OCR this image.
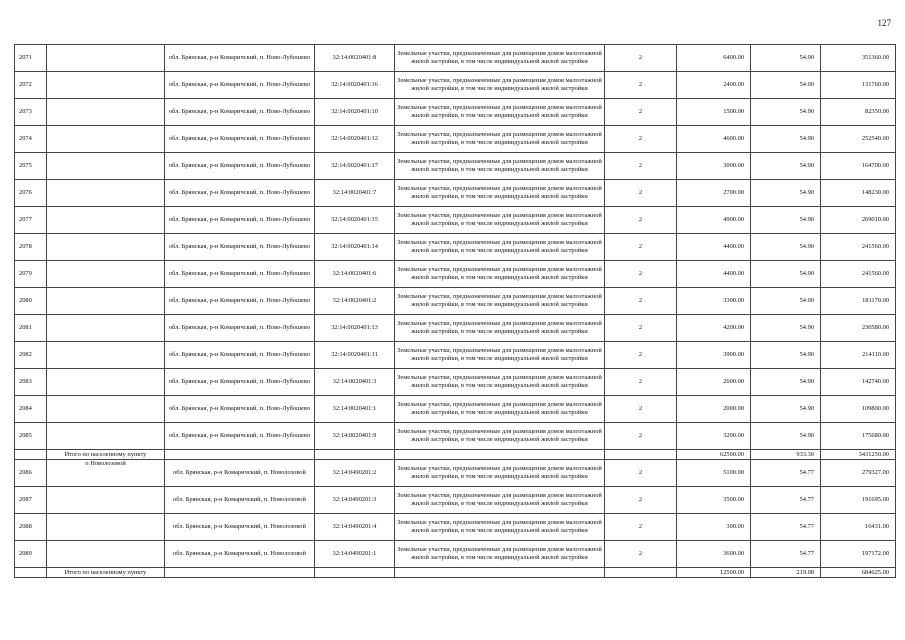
127
2071		обл. Брянская, р-н Комаричский, п. Ново-Лубошево	32:14:0020401:8	Земельные участки, предназначенные для размещения домов малоэтажной жилой застройки, в том числе индивидуальной жилой застройки	2	6400.00	54.90	351360.00
2072		обл. Брянская, р-н Комаричский, п. Ново-Лубошево	32:14:0020401:16	Земельные участки, предназначенные для размещения домов малоэтажной жилой застройки, в том числе индивидуальной жилой застройки	2	2400.00	54.90	131760.00
2073		обл. Брянская, р-н Комаричский, п. Ново-Лубошево	32:14:0020401:10	Земельные участки, предназначенные для размещения домов малоэтажной жилой застройки, в том числе индивидуальной жилой застройки	2	1500.00	54.90	82350.00
2074		обл. Брянская, р-н Комаричский, п. Ново-Лубошево	32:14:0020401:12	Земельные участки, предназначенные для размещения домов малоэтажной жилой застройки, в том числе индивидуальной жилой застройки	2	4600.00	54.90	252540.00
2075		обл. Брянская, р-н Комаричский, п. Ново-Лубошево	32:14:0020401:17	Земельные участки, предназначенные для размещения домов малоэтажной жилой застройки, в том числе индивидуальной жилой застройки	2	3000.00	54.90	164700.00
2076		обл. Брянская, р-н Комаричский, п. Ново-Лубошево	32:14:0020401:7	Земельные участки, предназначенные для размещения домов малоэтажной жилой застройки, в том числе индивидуальной жилой застройки	2	2700.00	54.90	148230.00
2077		обл. Брянская, р-н Комаричский, п. Ново-Лубошево	32:14:0020401:15	Земельные участки, предназначенные для размещения домов малоэтажной жилой застройки, в том числе индивидуальной жилой застройки	2	4900.00	54.90	269010.00
2078		обл. Брянская, р-н Комаричский, п. Ново-Лубошево	32:14:0020401:14	Земельные участки, предназначенные для размещения домов малоэтажной жилой застройки, в том числе индивидуальной жилой застройки	2	4400.00	54.90	241560.00
2079		обл. Брянская, р-н Комаричский, п. Ново-Лубошево	32:14:0020401:6	Земельные участки, предназначенные для размещения домов малоэтажной жилой застройки, в том числе индивидуальной жилой застройки	2	4400.00	54.90	241560.00
2080		обл. Брянская, р-н Комаричский, п. Ново-Лубошево	32:14:0020401:2	Земельные участки, предназначенные для размещения домов малоэтажной жилой застройки, в том числе индивидуальной жилой застройки	2	3300.00	54.90	181170.00
2081		обл. Брянская, р-н Комаричский, п. Ново-Лубошево	32:14:0020401:13	Земельные участки, предназначенные для размещения домов малоэтажной жилой застройки, в том числе индивидуальной жилой застройки	2	4200.00	54.90	230580.00
2082		обл. Брянская, р-н Комаричский, п. Ново-Лубошево	32:14:0020401:11	Земельные участки, предназначенные для размещения домов малоэтажной жилой застройки, в том числе индивидуальной жилой застройки	2	3900.00	54.90	214110.00
2083		обл. Брянская, р-н Комаричский, п. Ново-Лубошево	32:14:0020401:3	Земельные участки, предназначенные для размещения домов малоэтажной жилой застройки, в том числе индивидуальной жилой застройки	2	2600.00	54.90	142740.00
2084		обл. Брянская, р-н Комаричский, п. Ново-Лубошево	32:14:0020401:1	Земельные участки, предназначенные для размещения домов малоэтажной жилой застройки, в том числе индивидуальной жилой застройки	2	2000.00	54.90	109800.00
2085		обл. Брянская, р-н Комаричский, п. Ново-Лубошево	32:14:0020401:9	Земельные участки, предназначенные для размещения домов малоэтажной жилой застройки, в том числе индивидуальной жилой застройки	2	3200.00	54.90	175680.00
	Итого по населенному пункту					62500.00	933.30	3431250.00
2086	п Новолозовой	обл. Брянская, р-н Комаричский, п. Новолозовой	32:14:0490201:2	Земельные участки, предназначенные для размещения домов малоэтажной жилой застройки, в том числе индивидуальной жилой застройки	2	5100.00	54.77	279327.00
2087		обл. Брянская, р-н Комаричский, п. Новолозовой	32:14:0490201:3	Земельные участки, предназначенные для размещения домов малоэтажной жилой застройки, в том числе индивидуальной жилой застройки	2	3500.00	54.77	191695.00
2088		обл. Брянская, р-н Комаричский, п. Новолозовой	32:14:0490201:4	Земельные участки, предназначенные для размещения домов малоэтажной жилой застройки, в том числе индивидуальной жилой застройки	2	300.00	54.77	16431.00
2089		обл. Брянская, р-н Комаричский, п. Новолозовой	32:14:0490201:1	Земельные участки, предназначенные для размещения домов малоэтажной жилой застройки, в том числе индивидуальной жилой застройки	2	3600.00	54.77	197172.00
	Итого по населенному пункту					12500.00	219.08	684625.00
